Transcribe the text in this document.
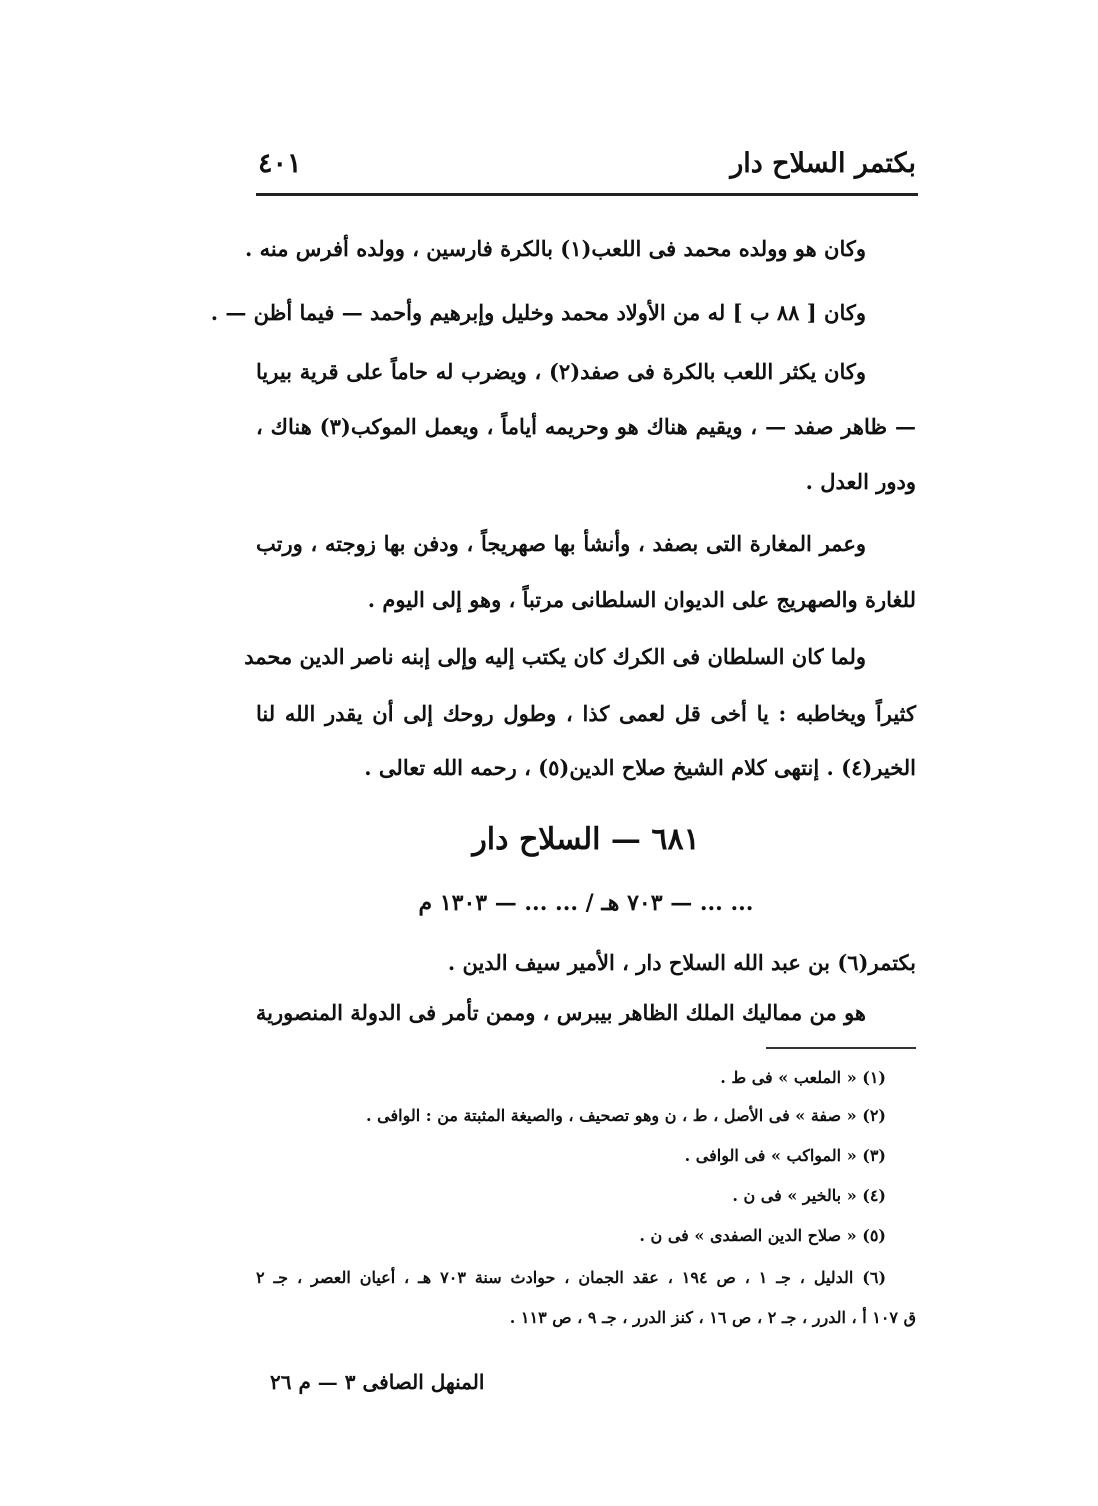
بكتمر السلاح دار
٤٠١
وكان هو وولده محمد فى اللعب(١) بالكرة فارسين ، وولده أفرس منه .
وكان [ ٨٨ ب ] له من الأولاد محمد وخليل وإبرهيم وأحمد — فيما أظن — .
وكان يكثر اللعب بالكرة فى صفد(٢) ، ويضرب له حاماً على قرية بيريا
— ظاهر صفد — ، ويقيم هناك هو وحريمه أياماً ، ويعمل الموكب(٣) هناك ،
ودور العدل .
وعمر المغارة التى بصفد ، وأنشأ بها صهريجاً ، ودفن بها زوجته ، ورتب
للغارة والصهريج على الديوان السلطانى مرتباً ، وهو إلى اليوم .
ولما كان السلطان فى الكرك كان يكتب إليه وإلى إبنه ناصر الدين محمد
كثيراً ويخاطبه : يا أخى قل لعمى كذا ، وطول روحك إلى أن يقدر الله لنا
الخير(٤) . إنتهى كلام الشيخ صلاح الدين(٥) ، رحمه الله تعالى .
٦٨١ — السلاح دار
... ... — ٧٠٣ هـ / ... ... — ١٣٠٣ م
بكتمر(٦) بن عبد الله السلاح دار ، الأمير سيف الدين .
هو من مماليك الملك الظاهر بيبرس ، وممن تأمر فى الدولة المنصورية
(١) « الملعب » فى ط .
(٢) « صفة » فى الأصل ، ط ، ن وهو تصحيف ، والصيغة المثبتة من : الوافى .
(٣) « المواكب » فى الوافى .
(٤) « بالخير » فى ن .
(٥) « صلاح الدين الصفدى » فى ن .
(٦) الدليل ، جـ ١ ، ص ١٩٤ ، عقد الجمان ، حوادث سنة ٧٠٣ هـ ، أعيان العصر ، جـ ٢
ق ١٠٧ أ ، الدرر ، جـ ٢ ، ص ١٦ ، كنز الدرر ، جـ ٩ ، ص ١١٣ .
المنهل الصافى ٣ — م ٢٦
